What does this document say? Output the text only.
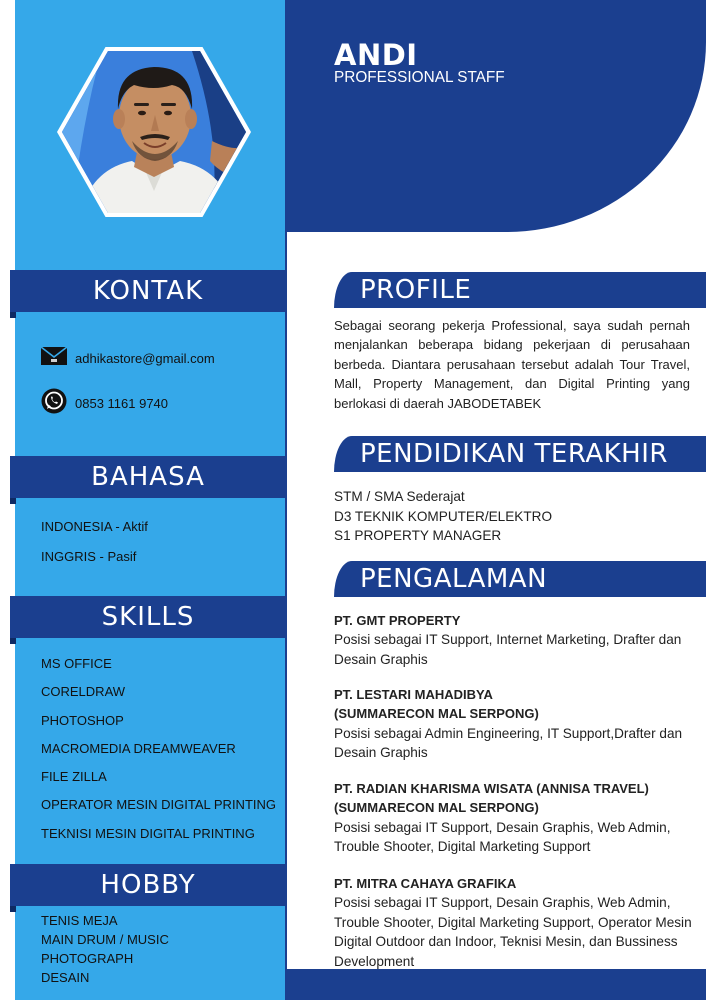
ANDI
PROFESSIONAL STAFF
KONTAK
adhikastore@gmail.com
0853 1161 9740
BAHASA
INDONESIA - Aktif
INGGRIS - Pasif
SKILLS
MS OFFICE
CORELDRAW
PHOTOSHOP
MACROMEDIA DREAMWEAVER
FILE ZILLA
OPERATOR MESIN DIGITAL PRINTING
TEKNISI MESIN DIGITAL PRINTING
HOBBY
TENIS MEJA
MAIN DRUM / MUSIC
PHOTOGRAPH
DESAIN
PROFILE
Sebagai seorang pekerja Professional, saya sudah pernah menjalankan beberapa bidang pekerjaan di perusahaan berbeda. Diantara perusahaan tersebut adalah Tour Travel, Mall, Property Management, dan Digital Printing yang berlokasi di daerah JABODETABEK
PENDIDIKAN TERAKHIR
STM / SMA Sederajat
D3 TEKNIK KOMPUTER/ELEKTRO
S1 PROPERTY MANAGER
PENGALAMAN
PT. GMT PROPERTY
Posisi sebagai IT Support, Internet Marketing, Drafter dan Desain Graphis
PT. LESTARI MAHADIBYA
(SUMMARECON MAL SERPONG)
Posisi sebagai Admin Engineering, IT Support,Drafter dan Desain Graphis
PT. RADIAN KHARISMA WISATA (ANNISA TRAVEL)
(SUMMARECON MAL SERPONG)
Posisi sebagai IT Support, Desain Graphis, Web Admin, Trouble Shooter, Digital Marketing Support
PT. MITRA CAHAYA GRAFIKA
Posisi sebagai IT Support, Desain Graphis, Web Admin, Trouble Shooter, Digital Marketing Support, Operator Mesin Digital Outdoor dan Indoor, Teknisi Mesin, dan Bussiness Development
